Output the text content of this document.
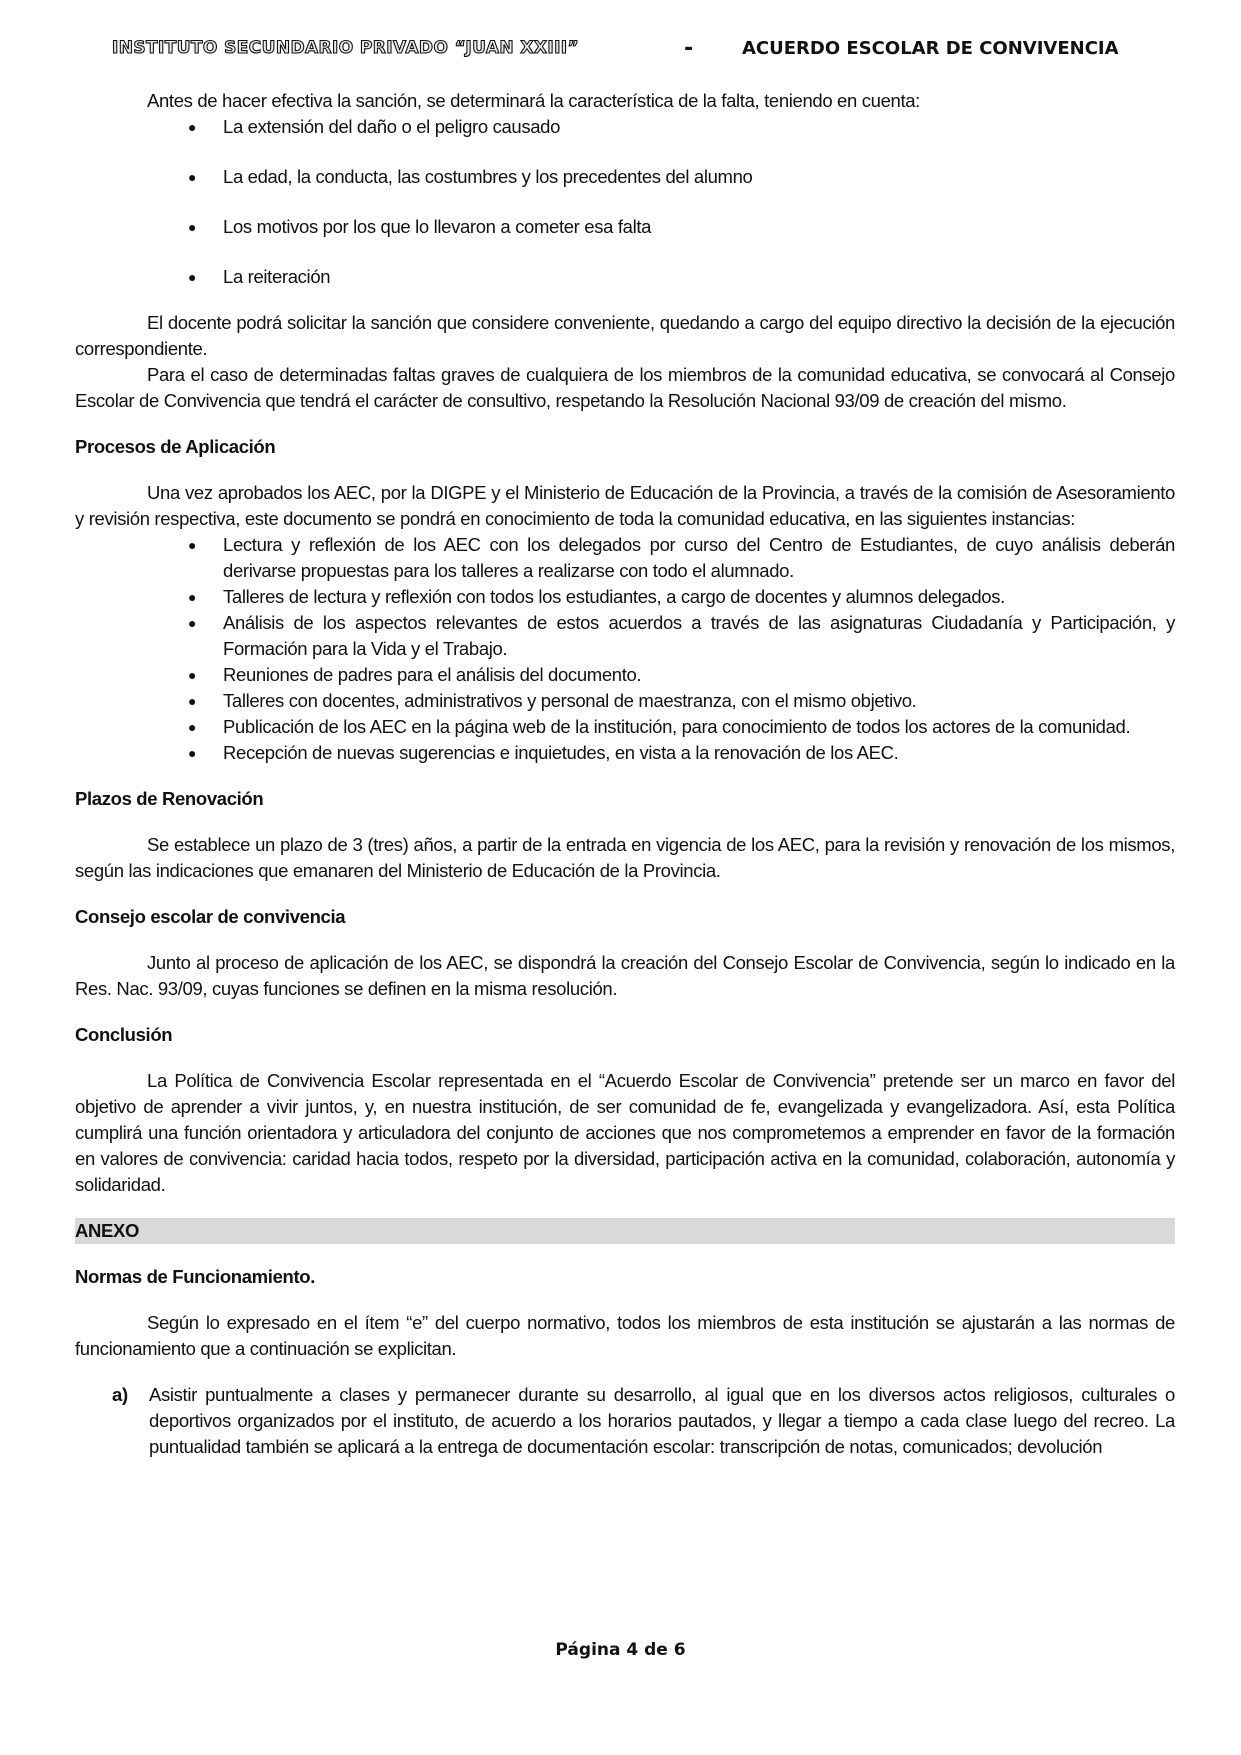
INSTITUTO SECUNDARIO PRIVADO “JUAN XXIII”	-	ACUERDO ESCOLAR DE CONVIVENCIA

Antes de hacer efectiva la sanción, se determinará la característica de la falta, teniendo en cuenta:

● La extensión del daño o el peligro causado
● La edad, la conducta, las costumbres y los precedentes del alumno
● Los motivos por los que lo llevaron a cometer esa falta
● La reiteración

El docente podrá solicitar la sanción que considere conveniente, quedando a cargo del equipo directivo la decisión de la ejecución correspondiente.

Para el caso de determinadas faltas graves de cualquiera de los miembros de la comunidad educativa, se convocará al Consejo Escolar de Convivencia que tendrá el carácter de consultivo, respetando la Resolución Nacional 93/09 de creación del mismo.

Procesos de Aplicación

Una vez aprobados los AEC, por la DIGPE y el Ministerio de Educación de la Provincia, a través de la comisión de Asesoramiento y revisión respectiva, este documento se pondrá en conocimiento de toda la comunidad educativa, en las siguientes instancias:

● Lectura y reflexión de los AEC con los delegados por curso del Centro de Estudiantes, de cuyo análisis deberán derivarse propuestas para los talleres a realizarse con todo el alumnado.
● Talleres de lectura y reflexión con todos los estudiantes, a cargo de docentes y alumnos delegados.
● Análisis de los aspectos relevantes de estos acuerdos a través de las asignaturas Ciudadanía y Participación, y Formación para la Vida y el Trabajo.
● Reuniones de padres para el análisis del documento.
● Talleres con docentes, administrativos y personal de maestranza, con el mismo objetivo.
● Publicación de los AEC en la página web de la institución, para conocimiento de todos los actores de la comunidad.
● Recepción de nuevas sugerencias e inquietudes, en vista a la renovación de los AEC.

Plazos de Renovación

Se establece un plazo de 3 (tres) años, a partir de la entrada en vigencia de los AEC, para la revisión y renovación de los mismos, según las indicaciones que emanaren del Ministerio de Educación de la Provincia.

Consejo escolar de convivencia

Junto al proceso de aplicación de los AEC, se dispondrá la creación del Consejo Escolar de Convivencia, según lo indicado en la Res. Nac. 93/09, cuyas funciones se definen en la misma resolución.

Conclusión

La Política de Convivencia Escolar representada en el “Acuerdo Escolar de Convivencia” pretende ser un marco en favor del objetivo de aprender a vivir juntos, y, en nuestra institución, de ser comunidad de fe, evangelizada y evangelizadora. Así, esta Política cumplirá una función orientadora y articuladora del conjunto de acciones que nos comprometemos a emprender en favor de la formación en valores de convivencia: caridad hacia todos, respeto por la diversidad, participación activa en la comunidad, colaboración, autonomía y solidaridad.

ANEXO

Normas de Funcionamiento.

Según lo expresado en el ítem “e” del cuerpo normativo, todos los miembros de esta institución se ajustarán a las normas de funcionamiento que a continuación se explicitan.

a) Asistir puntualmente a clases y permanecer durante su desarrollo, al igual que en los diversos actos religiosos, culturales o deportivos organizados por el instituto, de acuerdo a los horarios pautados, y llegar a tiempo a cada clase luego del recreo. La puntualidad también se aplicará a la entrega de documentación escolar: transcripción de notas, comunicados; devolución

Página 4 de 6
